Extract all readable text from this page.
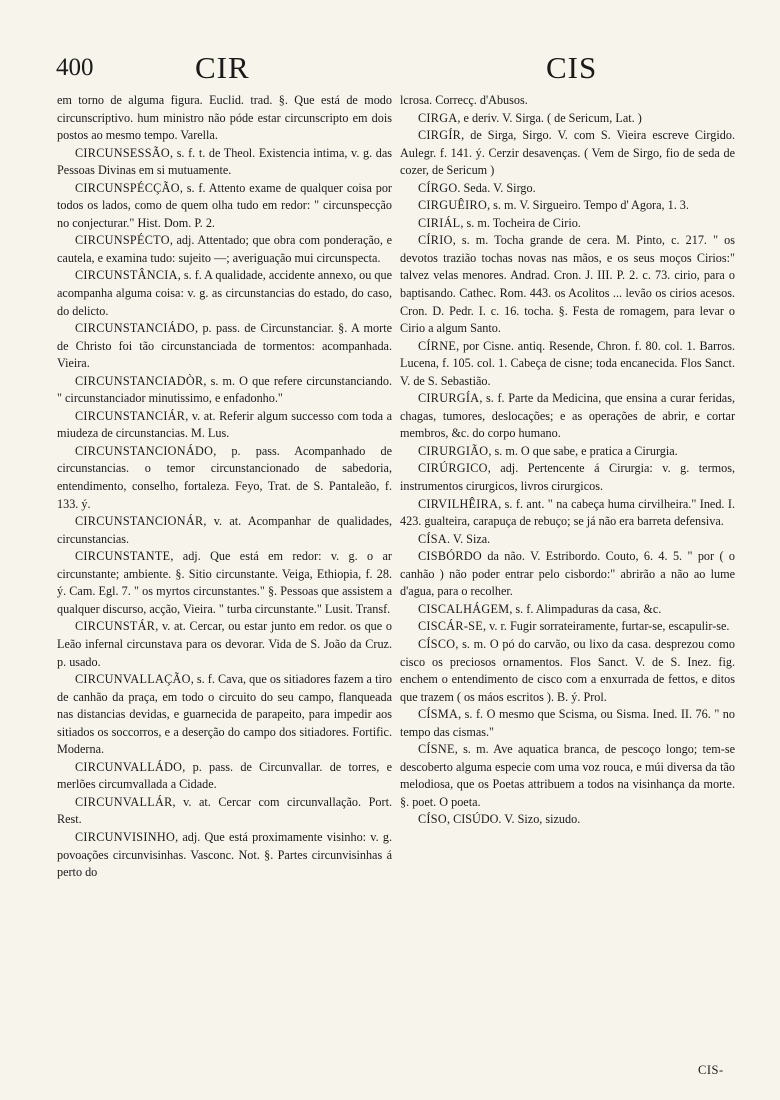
400	CIR	CIS

em torno de alguma figura. Euclid. trad. §. Que está de modo circunscriptivo. hum ministro não póde estar circunscripto em dois postos ao mesmo tempo. Varella.

CIRCUNSESSÃO, s. f. t. de Theol. Existencia intima, v. g. das Pessoas Divinas em si mutuamente.

CIRCUNSPÉCÇÃO, s. f. Attento exame de qualquer coisa por todos os lados, como de quem olha tudo em redor: " circunspecção no conjecturar." Hist. Dom. P. 2.

CIRCUNSPÉCTO, adj. Attentado; que obra com ponderação, e cautela, e examina tudo: sujeito —; averiguação mui circunspecta.

CIRCUNSTÂNCIA, s. f. A qualidade, accidente annexo, ou que acompanha alguma coisa: v. g. as circunstancias do estado, do caso, do delicto.

CIRCUNSTANCIÁDO, p. pass. de Circunstanciar. §. A morte de Christo foi tão circunstanciada de tormentos: acompanhada. Vieira.

CIRCUNSTANCIADÒR, s. m. O que refere circunstanciando. " circunstanciador minutissimo, e enfadonho."

CIRCUNSTANCIÁR, v. at. Referir algum successo com toda a miudeza de circunstancias. M. Lus.

CIRCUNSTANCIONÁDO, p. pass. Acompanhado de circunstancias. o temor circunstancionado de sabedoria, entendimento, conselho, fortaleza. Feyo, Trat. de S. Pantaleão, f. 133. ý.

CIRCUNSTANCIONÁR, v. at. Acompanhar de qualidades, circunstancias.

CIRCUNSTANTE, adj. Que está em redor: v. g. o ar circunstante; ambiente. §. Sitio circunstante. Veiga, Ethiopia, f. 28. ý. Cam. Egl. 7. " os myrtos circunstantes." §. Pessoas que assistem a qualquer discurso, acção, Vieira. " turba circunstante." Lusit. Transf.

CIRCUNSTÁR, v. at. Cercar, ou estar junto em redor. os que o Leão infernal circunstava para os devorar. Vida de S. João da Cruz. p. usado.

CIRCUNVALLAÇÃO, s. f. Cava, que os sitiadores fazem a tiro de canhão da praça, em todo o circuito do seu campo, flanqueada nas distancias devidas, e guarnecida de parapeito, para impedir aos sitiados os soccorros, e a deserção do campo dos sitiadores. Fortific. Moderna.

CIRCUNVALLÁDO, p. pass. de Circunvallar. de torres, e merlões circumvallada a Cidade.

CIRCUNVALLÁR, v. at. Cercar com circunvallação. Port. Rest.

CIRCUNVISINHO, adj. Que está proximamente visinho: v. g. povoações circunvisinhas. Vasconc. Not. §. Partes circunvisinhas á perto do

lcrosa. Correcç. d'Abusos.

CIRGA, e deriv. V. Sirga. ( de Sericum, Lat. )

CIRGÍR, de Sirga, Sirgo. V. com S. Vieira escreve Cirgido. Aulegr. f. 141. ý. Cerzir desavenças. ( Vem de Sirgo, fio de seda de cozer, de Sericum )

CÍRGO. Seda. V. Sirgo.

CIRGUÊIRO, s. m. V. Sirgueiro. Tempo d' Agora, 1. 3.

CIRIÁL, s. m. Tocheira de Cirio.

CÍRIO, s. m. Tocha grande de cera. M. Pinto, c. 217. " os devotos trazião tochas novas nas mãos, e os seus moços Cirios:" talvez velas menores. Andrad. Cron. J. III. P. 2. c. 73. cirio, para o baptisando. Cathec. Rom. 443. os Acolitos ... levão os cirios acesos. Cron. D. Pedr. I. c. 16. tocha. §. Festa de romagem, para levar o Cirio a algum Santo.

CÍRNE, por Cisne. antiq. Resende, Chron. f. 80. col. 1. Barros. Lucena, f. 105. col. 1. Cabeça de cisne; toda encanecida. Flos Sanct. V. de S. Sebastião.

CIRURGÍA, s. f. Parte da Medicina, que ensina a curar feridas, chagas, tumores, deslocações; e as operações de abrir, e cortar membros, &c. do corpo humano.

CIRURGIÃO, s. m. O que sabe, e pratica a Cirurgia.

CIRÚRGICO, adj. Pertencente á Cirurgia: v. g. termos, instrumentos cirurgicos, livros cirurgicos.

CIRVILHÊIRA, s. f. ant. " na cabeça huma cirvilheira." Ined. I. 423. gualteira, carapuça de rebuço; se já não era barreta defensiva.

CÍSA. V. Siza.

CISBÓRDO da não. V. Estribordo. Couto, 6. 4. 5. " por ( o canhão ) não poder entrar pelo cisbordo:" abrirão a não ao lume d'agua, para o recolher.

CISCALHÁGEM, s. f. Alimpaduras da casa, &c.

CISCÁR-SE, v. r. Fugir sorrateiramente, furtar-se, escapulir-se.

CÍSCO, s. m. O pó do carvão, ou lixo da casa. desprezou como cisco os preciosos ornamentos. Flos Sanct. V. de S. Inez. fig. enchem o entendimento de cisco com a enxurrada de fettos, e ditos que trazem ( os máos escritos ). B. ý. Prol.

CÍSMA, s. f. O mesmo que Scisma, ou Sisma. Ined. II. 76. " no tempo das cismas."

CÍSNE, s. m. Ave aquatica branca, de pescoço longo; tem-se descoberto alguma especie com uma voz rouca, e múi diversa da tão melodiosa, que os Poetas attribuem a todos na visinhança da morte. §. poet. O poeta.

CÍSO, CISÚDO. V. Sizo, sizudo.

CIS-
